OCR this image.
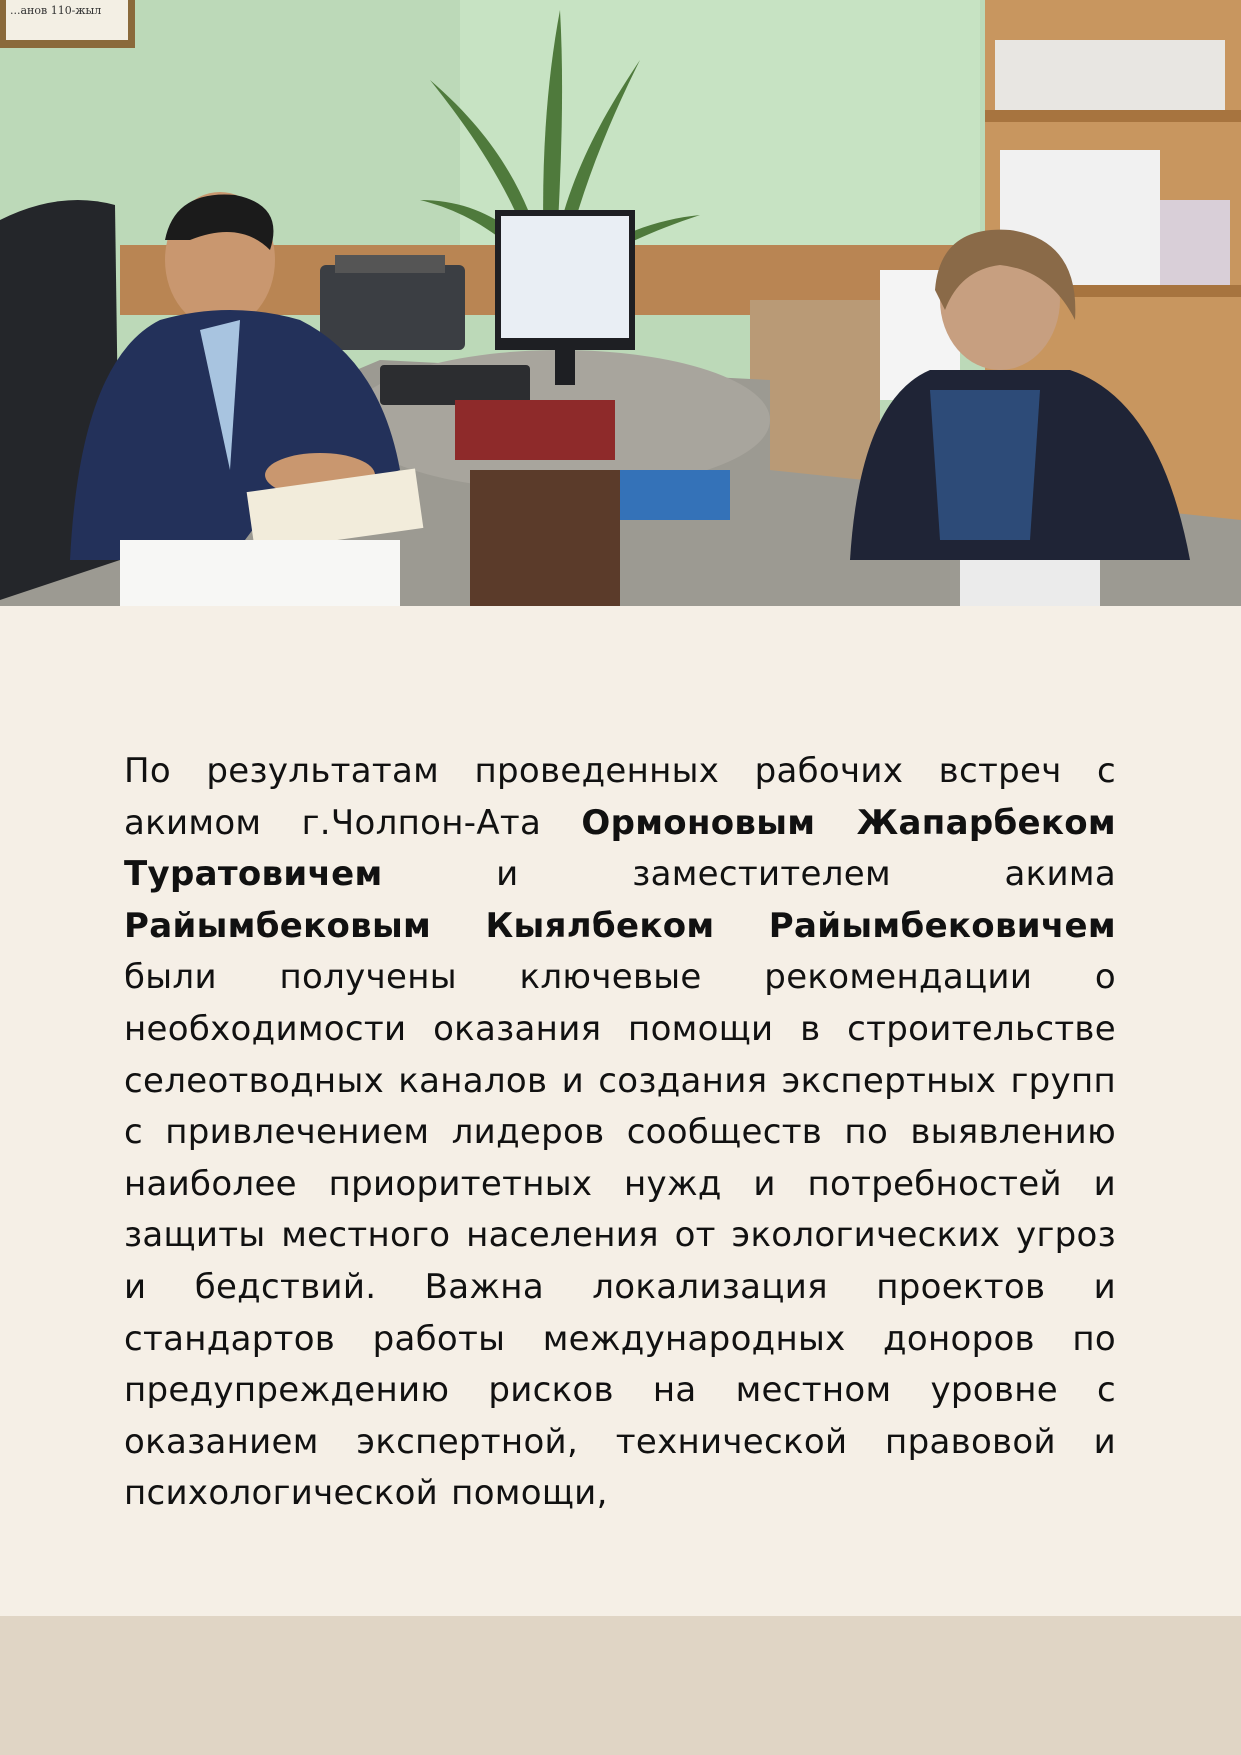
...анов 110-жыл
По результатам проведенных рабочих встреч с акимом г.Чолпон-Ата Ормоновым Жапарбеком Туратовичем и заместителем акима Райымбековым Кыялбеком Райымбековичем были получены ключевые рекомендации о необходимости оказания помощи в строительстве селеотводных каналов и создания экспертных групп с привлечением лидеров сообществ по выявлению наиболее приоритетных нужд и потребностей и защиты местного населения от экологических угроз и бедствий. Важна локализация проектов и стандартов работы международных доноров по предупреждению рисков на местном уровне с оказанием экспертной, технической правовой и психологической помощи,
